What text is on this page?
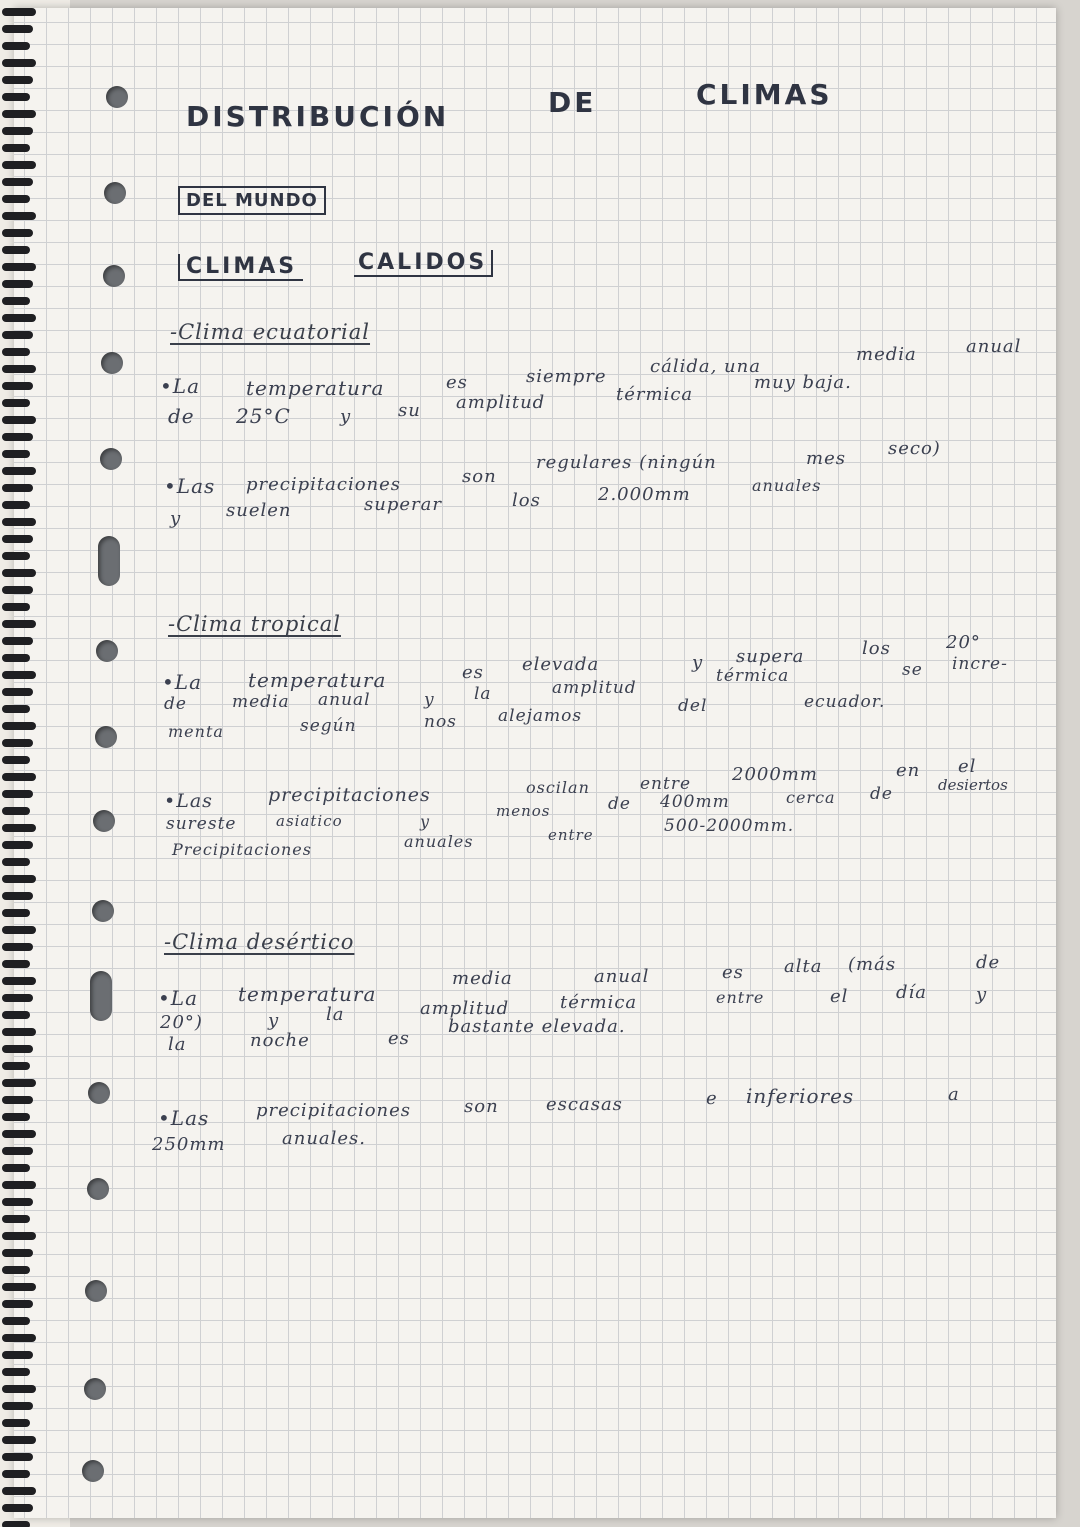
DISTRIBUCIÓN	DE	CLIMAS
DEL MUNDO
CLIMAS	CALIDOS
-Clima ecuatorial
•La temperatura	es	siempre cálida, una
media	anual
de 25°C	y	su amplitud	térmica
muy baja.
•Las precipitaciones	son
regulares (ningún	mes seco)
y suelen	superar	los	2.000mm	anuales
-Clima tropical
•La temperatura	es elevada	y supera	los	20°
de	media anual	y la	amplitud
térmica	se incre-
menta	según	nos alejamos	del	ecuador.
•Las	precipitaciones	oscilan	entre 2000mm	en el
sureste	asiatico	y
menos	de 400mm	cerca de	desiertos
Precipitaciones	anuales	entre	500-2000mm.
-Clima desértico
•La temperatura
media	anual	es alta (más	de
20°)	y	la	amplitud	térmica	entre	el	día	y
la	noche	es
bastante elevada.
•Las	precipitaciones	son	escasas	e inferiores	a
250mm	anuales.
